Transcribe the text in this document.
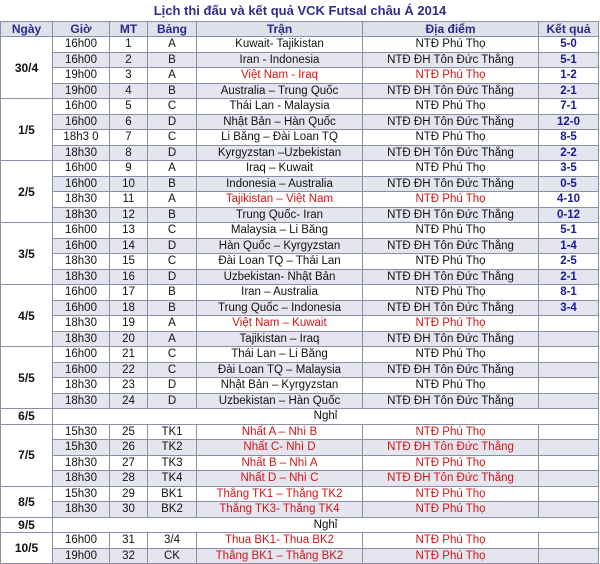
Lịch thi đấu và kết quả VCK Futsal châu Á 2014
Ngày	Giờ	MT	Bảng	Trận	Địa điểm	Kết quả
30/4	16h00	1	A	Kuwait- Tajikistan	NTĐ Phú Thọ	5-0
	16h00	2	B	Iran - Indonesia	NTĐ ĐH Tôn Đức Thắng	5-1
	19h00	3	A	Việt Nam - Iraq	NTĐ Phú Thọ	1-2
	19h00	4	B	Australia – Trung Quốc	NTĐ ĐH Tôn Đức Thắng	2-1
1/5	16h00	5	C	Thái Lan - Malaysia	NTĐ Phú Thọ	7-1
	16h00	6	D	Nhật Bản – Hàn Quốc	NTĐ ĐH Tôn Đức Thắng	12-0
	18h3 0	7	C	Li Băng – Đài Loan TQ	NTĐ Phú Thọ	8-5
	18h30	8	D	Kyrgyzstan –Uzbekistan	NTĐ ĐH Tôn Đức Thắng	2-2
2/5	16h00	9	A	Iraq – Kuwait	NTĐ Phú Thọ	3-5
	16h00	10	B	Indonesia – Australia	NTĐ ĐH Tôn Đức Thắng	0-5
	18h30	11	A	Tajikistan – Việt Nam	NTĐ Phú Thọ	4-10
	18h30	12	B	Trung Quốc- Iran	NTĐ ĐH Tôn Đức Thắng	0-12
3/5	16h00	13	C	Malaysia – Li Băng	NTĐ Phú Thọ	5-1
	16h00	14	D	Hàn Quốc – Kyrgyzstan	NTĐ ĐH Tôn Đức Thắng	1-4
	18h30	15	C	Đài Loan TQ – Thái Lan	NTĐ Phú Thọ	2-5
	18h30	16	D	Uzbekistan- Nhật Bản	NTĐ ĐH Tôn Đức Thắng	2-1
4/5	16h00	17	B	Iran – Australia	NTĐ Phú Thọ	8-1
	16h00	18	B	Trung Quốc – Indonesia	NTĐ ĐH Tôn Đức Thắng	3-4
	18h30	19	A	Việt Nam – Kuwait	NTĐ Phú Thọ	
	18h30	20	A	Tajikistan – Iraq	NTĐ ĐH Tôn Đức Thắng	
5/5	16h00	21	C	Thái Lan – Li Băng	NTĐ Phú Thọ	
	16h00	22	C	Đài Loan TQ – Malaysia	NTĐ ĐH Tôn Đức Thắng	
	18h30	23	D	Nhật Bản – Kyrgyzstan	NTĐ Phú Thọ	
	18h30	24	D	Uzbekistan – Hàn Quốc	NTĐ ĐH Tôn Đức Thắng	
6/5	Nghỉ					
7/5	15h30	25	TK1	Nhất A – Nhì B	NTĐ Phú Thọ	
	15h30	26	TK2	Nhất C- Nhì D	NTĐ ĐH Tôn Đức Thắng	
	18h30	27	TK3	Nhất B – Nhì A	NTĐ Phú Thọ	
	18h30	28	TK4	Nhất D – Nhì C	NTĐ ĐH Tôn Đức Thắng	
8/5	15h30	29	BK1	Thắng TK1 – Thắng TK2	NTĐ Phú Thọ	
	18h30	30	BK2	Thắng TK3- Thắng TK4	NTĐ Phú Thọ	
9/5	Nghỉ					
10/5	16h00	31	3/4	Thua BK1- Thua BK2	NTĐ Phú Thọ	
	19h00	32	CK	Thắng BK1 – Thắng BK2	NTĐ Phú Thọ	
